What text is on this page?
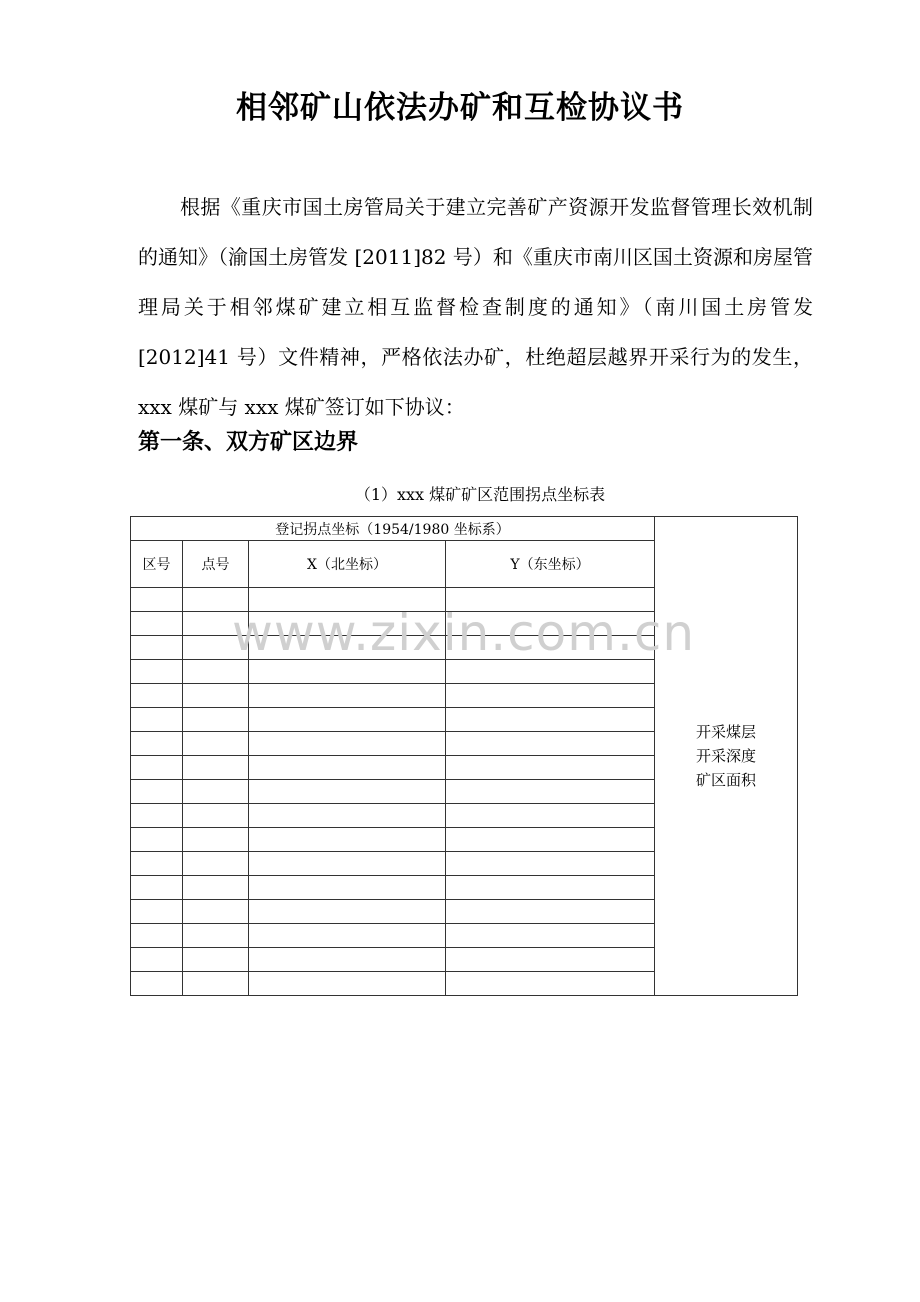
相邻矿山依法办矿和互检协议书

根据《重庆市国土房管局关于建立完善矿产资源开发监督管理长效机制的通知》（渝国土房管发 [2011]82 号）和《重庆市南川区国土资源和房屋管理局关于相邻煤矿建立相互监督检查制度的通知》（南川国土房管发[2012]41 号）文件精神，严格依法办矿，杜绝超层越界开采行为的发生，xxx 煤矿与 xxx 煤矿签订如下协议：

第一条、双方矿区边界
（1）xxx 煤矿矿区范围拐点坐标表
登记拐点坐标（1954/1980 坐标系）				开采煤层
开采深度
矿区面积

区号	点号	X（北坐标）	Y（东坐标）	

www.zixin.com.cn
